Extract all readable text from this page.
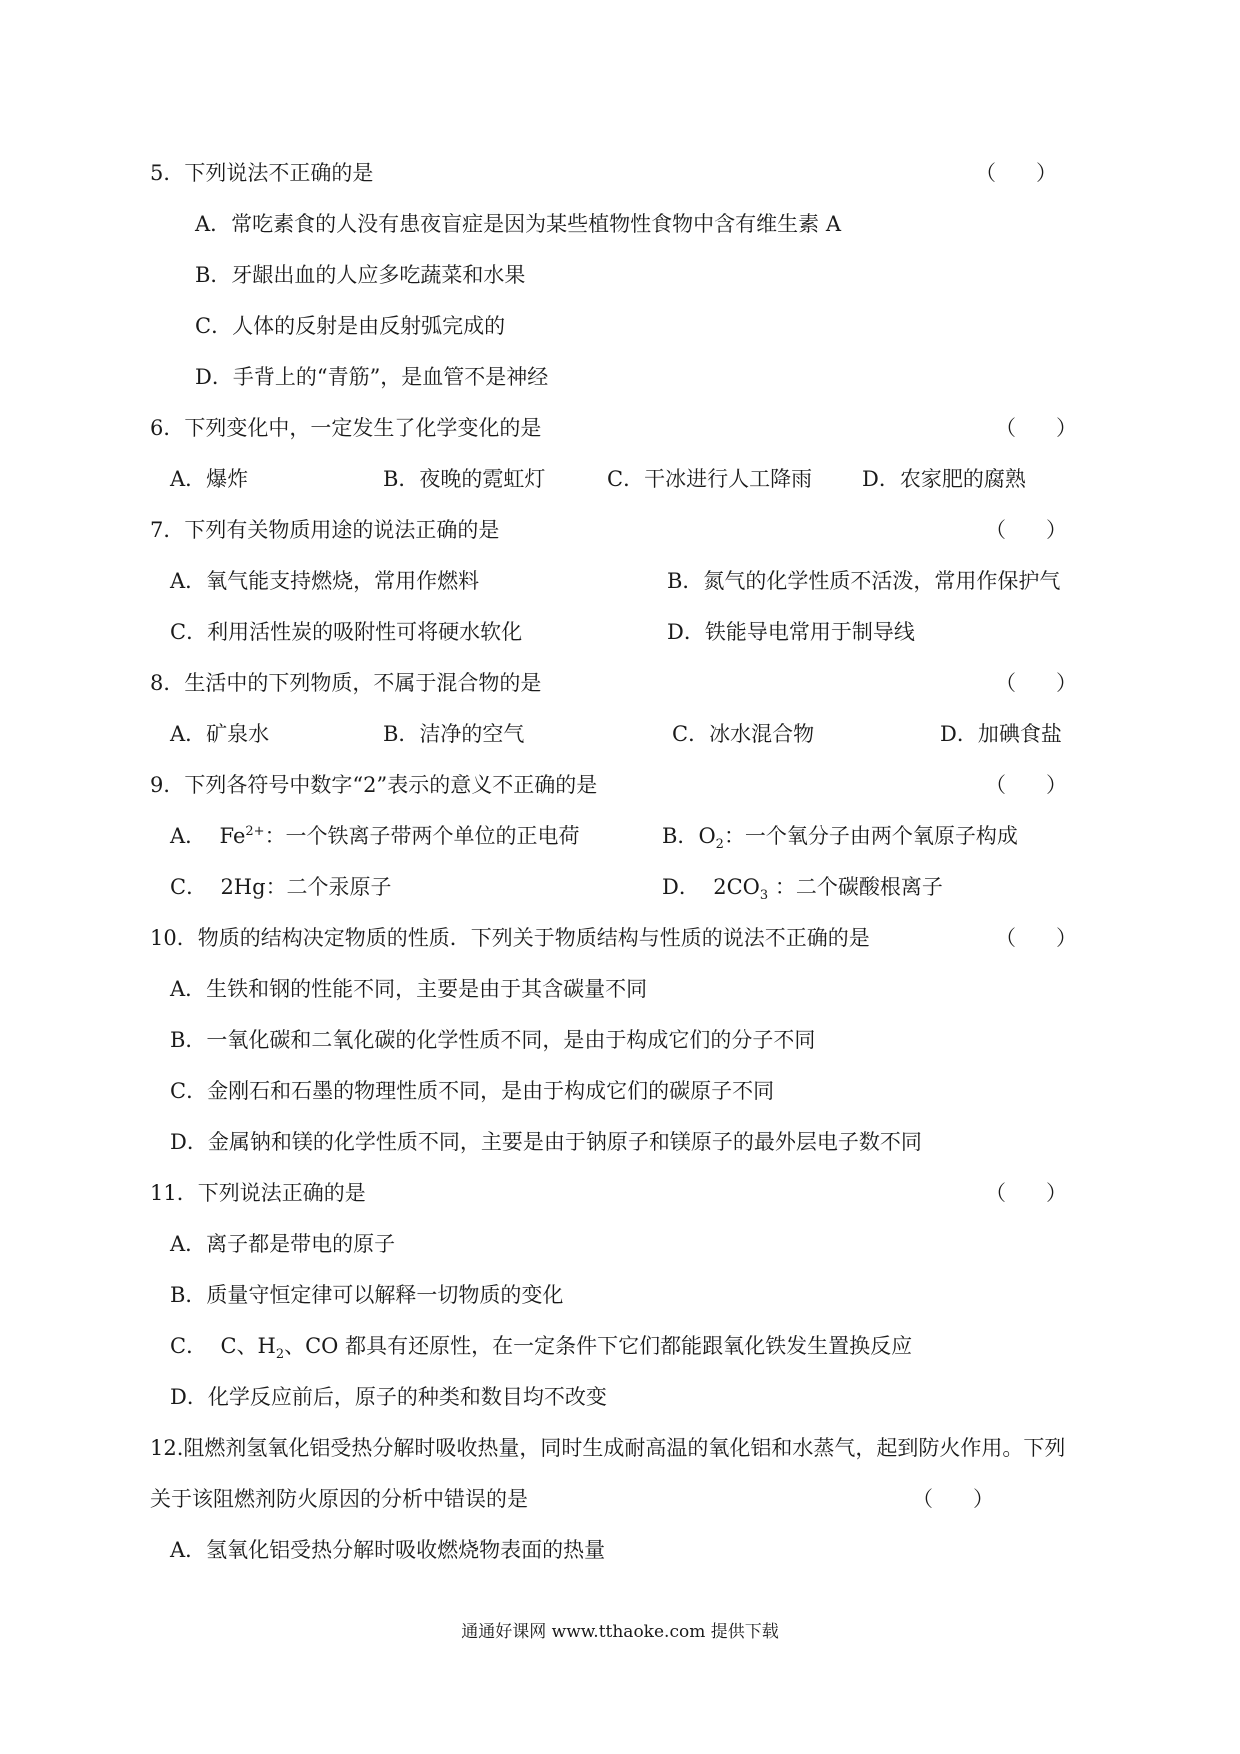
5．下列说法不正确的是	（      ）
A．常吃素食的人没有患夜盲症是因为某些植物性食物中含有维生素 A
B．牙龈出血的人应多吃蔬菜和水果
C．人体的反射是由反射弧完成的
D．手背上的“青筋”，是血管不是神经
6．下列变化中，一定发生了化学变化的是	（      ）
A．爆炸	B．夜晚的霓虹灯	C．干冰进行人工降雨 D．农家肥的腐熟
7．下列有关物质用途的说法正确的是	（      ）
A．氧气能支持燃烧，常用作燃料	B．氮气的化学性质不活泼，常用作保护气
C．利用活性炭的吸附性可将硬水软化	D．铁能导电常用于制导线
8．生活中的下列物质，不属于混合物的是	（      ）
A．矿泉水	B．洁净的空气	C．冰水混合物	D．加碘食盐
9．下列各符号中数字“2”表示的意义不正确的是	（      ）
A． $Fe^{2+}$：一个铁离子带两个单位的正电荷	B．$O_2$：一个氧分子由两个氧原子构成
C． 2Hg：二个汞原子	D． $2CO_3$ ：二个碳酸根离子
10．物质的结构决定物质的性质．下列关于物质结构与性质的说法不正确的是	（      ）
A．生铁和钢的性能不同，主要是由于其含碳量不同
B．一氧化碳和二氧化碳的化学性质不同，是由于构成它们的分子不同
C．金刚石和石墨的物理性质不同，是由于构成它们的碳原子不同
D．金属钠和镁的化学性质不同，主要是由于钠原子和镁原子的最外层电子数不同
11．下列说法正确的是	（      ）
A．离子都是带电的原子
B．质量守恒定律可以解释一切物质的变化
C． C、$H_2$、CO 都具有还原性，在一定条件下它们都能跟氧化铁发生置换反应
D．化学反应前后，原子的种类和数目均不改变
12.阻燃剂氢氧化铝受热分解时吸收热量，同时生成耐高温的氧化铝和水蒸气，起到防火作用。下列
关于该阻燃剂防火原因的分析中错误的是	（      ）
A．氢氧化铝受热分解时吸收燃烧物表面的热量
通通好课网 www.tthaoke.com 提供下载
